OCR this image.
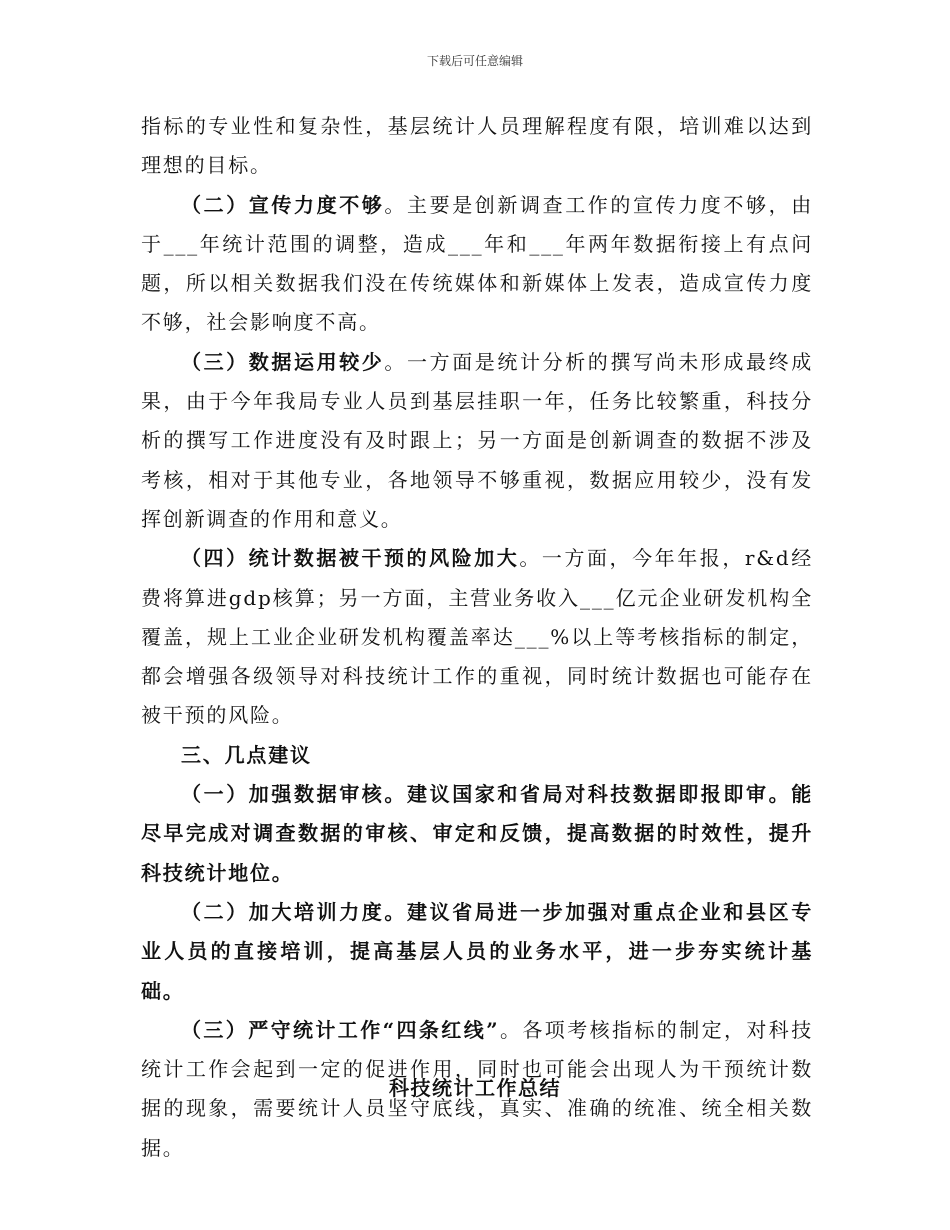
下载后可任意编辑

指标的专业性和复杂性，基层统计人员理解程度有限，培训难以达到理想的目标。

（二）宣传力度不够。主要是创新调查工作的宣传力度不够，由于___年统计范围的调整，造成___年和___年两年数据衔接上有点问题，所以相关数据我们没在传统媒体和新媒体上发表，造成宣传力度不够，社会影响度不高。

（三）数据运用较少。一方面是统计分析的撰写尚未形成最终成果，由于今年我局专业人员到基层挂职一年，任务比较繁重，科技分析的撰写工作进度没有及时跟上；另一方面是创新调查的数据不涉及考核，相对于其他专业，各地领导不够重视，数据应用较少，没有发挥创新调查的作用和意义。

（四）统计数据被干预的风险加大。一方面，今年年报，r&d经费将算进gdp核算；另一方面，主营业务收入___亿元企业研发机构全覆盖，规上工业企业研发机构覆盖率达___%以上等考核指标的制定，都会增强各级领导对科技统计工作的重视，同时统计数据也可能存在被干预的风险。

三、几点建议

（一）加强数据审核。建议国家和省局对科技数据即报即审。能尽早完成对调查数据的审核、审定和反馈，提高数据的时效性，提升科技统计地位。

（二）加大培训力度。建议省局进一步加强对重点企业和县区专业人员的直接培训，提高基层人员的业务水平，进一步夯实统计基础。

（三）严守统计工作“四条红线”。各项考核指标的制定，对科技统计工作会起到一定的促进作用，同时也可能会出现人为干预统计数据的现象，需要统计人员坚守底线，真实、准确的统准、统全相关数据。

科技统计工作总结
